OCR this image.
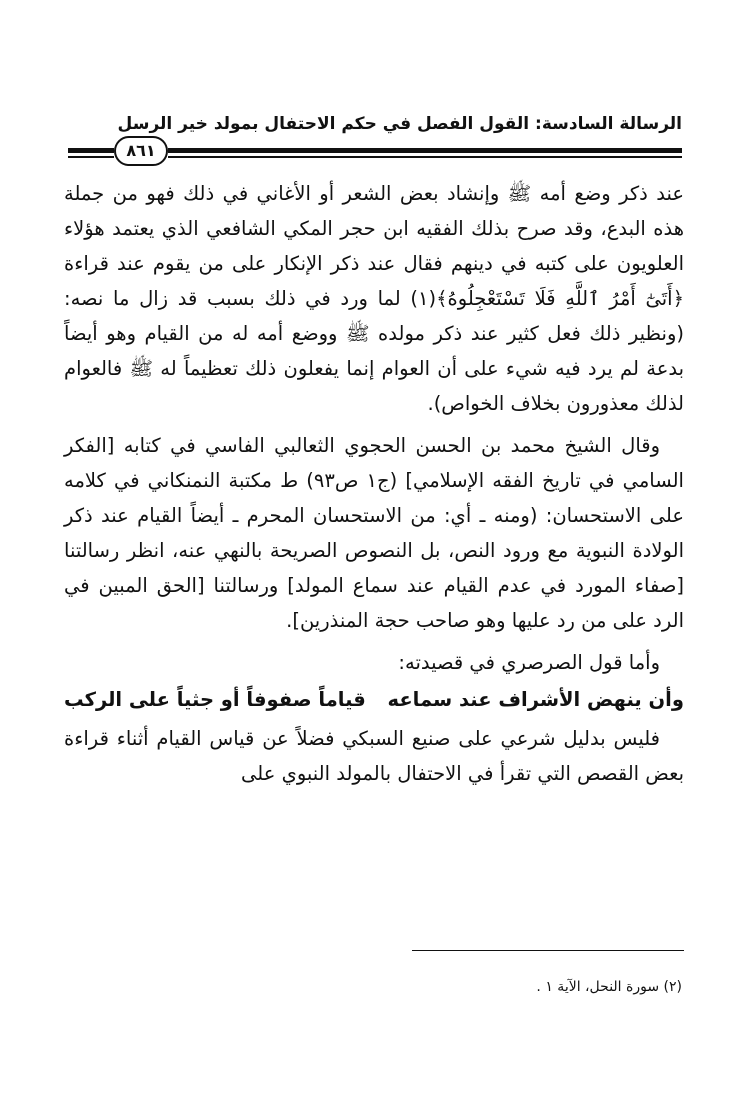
الرسالة السادسة: القول الفصل في حكم الاحتفال بمولد خير الرسل
٨٦١

عند ذكر وضع أمه ﷺ وإنشاد بعض الشعر أو الأغاني في ذلك فهو من جملة هذه البدع، وقد صرح بذلك الفقيه ابن حجر المكي الشافعي الذي يعتمد هؤلاء العلويون على كتبه في دينهم فقال عند ذكر الإنكار على من يقوم عند قراءة ﴿أَتَىٰٓ أَمْرُ ٱللَّهِ فَلَا تَسْتَعْجِلُوهُ﴾(١) لما ورد في ذلك بسبب قد زال ما نصه: (ونظير ذلك فعل كثير عند ذكر مولده ﷺ ووضع أمه له من القيام وهو أيضاً بدعة لم يرد فيه شيء على أن العوام إنما يفعلون ذلك تعظيماً له ﷺ فالعوام لذلك معذورون بخلاف الخواص).

وقال الشيخ محمد بن الحسن الحجوي الثعالبي الفاسي في كتابه [الفكر السامي في تاريخ الفقه الإسلامي] (ج١ ص٩٣) ط مكتبة النمنكاني في كلامه على الاستحسان: (ومنه ـ أي: من الاستحسان المحرم ـ أيضاً القيام عند ذكر الولادة النبوية مع ورود النص، بل النصوص الصريحة بالنهي عنه، انظر رسالتنا [صفاء المورد في عدم القيام عند سماع المولد] ورسالتنا [الحق المبين في الرد على من رد عليها وهو صاحب حجة المنذرين].

وأما قول الصرصري في قصيدته:

وأن ينهض الأشراف عند سماعه
قياماً صفوفاً أو جثياً على الركب

فليس بدليل شرعي على صنيع السبكي فضلاً عن قياس القيام أثناء قراءة بعض القصص التي تقرأ في الاحتفال بالمولد النبوي على

(٢) سورة النحل، الآية ١ .
